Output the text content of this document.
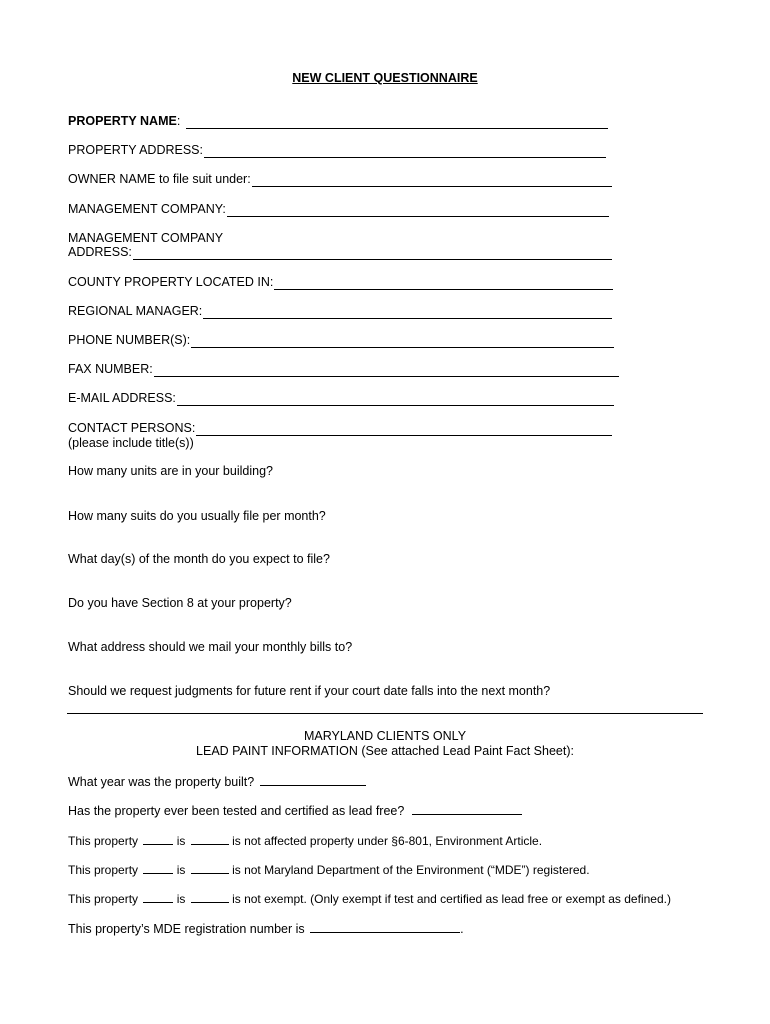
NEW CLIENT QUESTIONNAIRE
PROPERTY NAME :
PROPERTY ADDRESS:
OWNER NAME to file suit under:
MANAGEMENT COMPANY:
MANAGEMENT COMPANY
ADDRESS:
COUNTY PROPERTY LOCATED IN:
REGIONAL MANAGER:
PHONE NUMBER(S):
FAX NUMBER:
E-MAIL ADDRESS:
CONTACT PERSONS:
(please include title(s))
How many units are in your building?
How many suits do you usually file per month?
What day(s) of the month do you expect to file?
Do you have Section 8 at your property?
What address should we mail your monthly bills to?
Should we request judgments for future rent if your court date falls into the next month?
MARYLAND CLIENTS ONLY
LEAD PAINT INFORMATION (See attached Lead Paint Fact Sheet):
What year was the property built?
Has the property ever been tested and certified as lead free?
This property	is	is not affected property under §6-801, Environment Article.
This property	is	is not Maryland Department of the Environment (“MDE”) registered.
This property	is	is not exempt. (Only exempt if test and certified as lead free or exempt as defined.)
This property’s MDE registration number is	.
